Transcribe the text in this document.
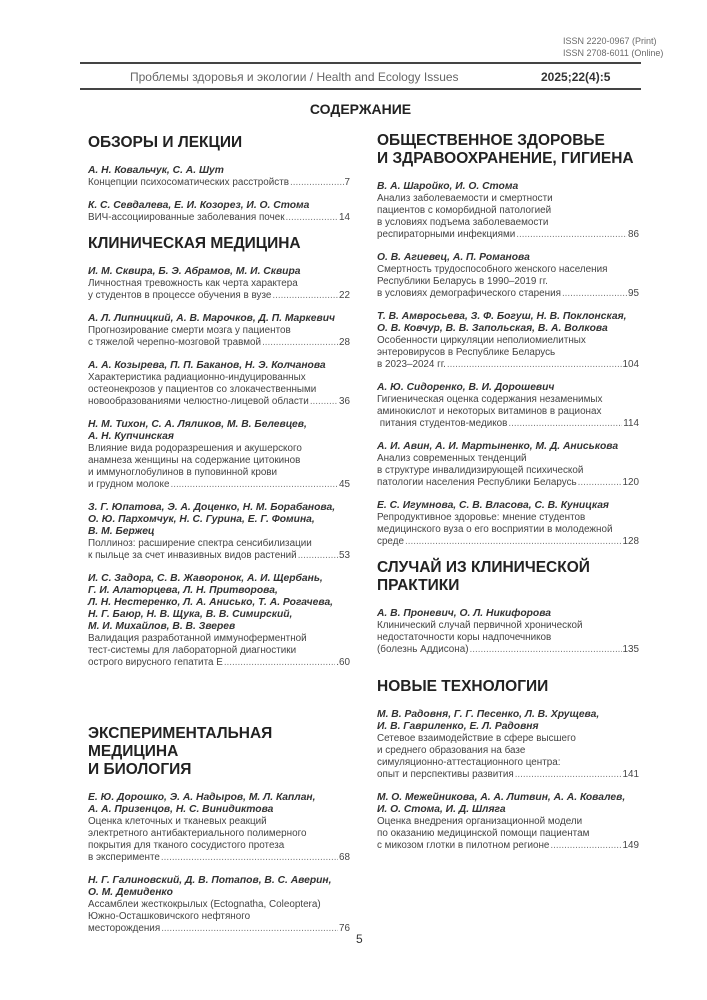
ISSN 2220-0967 (Print)
ISSN 2708-6011 (Online)
Проблемы здоровья и экологии / Health and Ecology Issues	2025;22(4):5
СОДЕРЖАНИЕ
ОБЗОРЫ И ЛЕКЦИИ
А. Н. Ковальчук, С. А. Шут
Концепции психосоматических расстройств .....	7
К. С. Севдалева, Е. И. Козорез, И. О. Стома
ВИЧ-ассоциированные заболевания почек .....	14
КЛИНИЧЕСКАЯ МЕДИЦИНА
И. М. Сквира, Б. Э. Абрамов, М. И. Сквира
Личностная тревожность как черта характера
у студентов в процессе обучения в вузе .....	22
А. Л. Липницкий, А. В. Марочков, Д. П. Маркевич
Прогнозирование смерти мозга у пациентов
с тяжелой черепно-мозговой травмой .....	28
А. А. Козырева, П. П. Баканов, Н. Э. Колчанова
Характеристика радиационно-индуцированных
остеонекрозов у пациентов со злокачественными
новообразованиями челюстно-лицевой области .....	36
Н. М. Тихон, С. А. Ляликов, М. В. Белевцев,
А. Н. Купчинская
Влияние вида родоразрешения и акушерского
анамнеза женщины на содержание цитокинов
и иммуноглобулинов в пуповинной крови
и грудном молоке .....	45
З. Г. Юпатова, Э. А. Доценко, Н. М. Борабанова,
О. Ю. Пархомчук, Н. С. Гурина, Е. Г. Фомина,
В. М. Бержец
Поллиноз: расширение спектра сенсибилизации
к пыльце за счет инвазивных видов растений .....	53
И. С. Задора, С. В. Жаворонок, А. И. Щербань,
Г. И. Алаторцева, Л. Н. Притворова,
Л. Н. Нестеренко, Л. А. Анисько, Т. А. Рогачева,
Н. Г. Баюр, Н. В. Щука, В. В. Симирский,
М. И. Михайлов, В. В. Зверев
Валидация разработанной иммуноферментной
тест-системы для лабораторной диагностики
острого вирусного гепатита Е .....	.60
ЭКСПЕРИМЕНТАЛЬНАЯ МЕДИЦИНА
И БИОЛОГИЯ
Е. Ю. Дорошко, Э. А. Надыров, М. Л. Каплан,
А. А. Призенцов, Н. С. Винидиктова
Оценка клеточных и тканевых реакций
электретного антибактериального полимерного
покрытия для тканого сосудистого протеза
в эксперименте .....	68
Н. Г. Галиновский, Д. В. Потапов, В. С. Аверин,
О. М. Демиденко
Ассамблеи жесткокрылых (Ectognatha, Coleoptera)
Южно-Осташковичского нефтяного
месторождения .....	76
ОБЩЕСТВЕННОЕ ЗДОРОВЬЕ
И ЗДРАВООХРАНЕНИЕ, ГИГИЕНА
В. А. Шаройко, И. О. Стома
Анализ заболеваемости и смертности
пациентов с коморбидной патологией
в условиях подъема заболеваемости
респираторными инфекциями .....	86
О. В. Агиевец, А. П. Романова
Смертность трудоспособного женского населения
Республики Беларусь в 1990–2019 гг.
в условиях демографического старения .....	95
Т. В. Амвросьева, З. Ф. Богуш, Н. В. Поклонская,
О. В. Ковчур, В. В. Запольская, В. А. Волкова
Особенности циркуляции неполиомиелитных
энтеровирусов в Республике Беларусь
в 2023–2024 гг. .....	104
А. Ю. Сидоренко, В. И. Дорошевич
Гигиеническая оценка содержания незаменимых
аминокислот и некоторых витаминов в рационах
питания студентов-медиков .....	114
А. И. Авин, А. И. Мартыненко, М. Д. Аниськова
Анализ современных тенденций
в структуре инвалидизирующей психической
патологии населения Республики Беларусь .....	120
Е. С. Игумнова, С. В. Власова, С. В. Куницкая
Репродуктивное здоровье: мнение студентов
медицинского вуза о его восприятии в молодежной
среде .....	128
СЛУЧАЙ ИЗ КЛИНИЧЕСКОЙ ПРАКТИКИ
А. В. Проневич, О. Л. Никифорова
Клинический случай первичной хронической
недостаточности коры надпочечников
(болезнь Аддисона) .....	135
НОВЫЕ ТЕХНОЛОГИИ
М. В. Радовня, Г. Г. Песенко, Л. В. Хрущева,
И. В. Гавриленко, Е. Л. Радовня
Сетевое взаимодействие в сфере высшего
и среднего образования на базе
симуляционно-аттестационного центра:
опыт и перспективы развития .....	141
М. О. Межейникова, А. А. Литвин, А. А. Ковалев,
И. О. Стома, И. Д. Шляга
Оценка внедрения организационной модели
по оказанию медицинской помощи пациентам
с микозом глотки в пилотном регионе .....	149
5
